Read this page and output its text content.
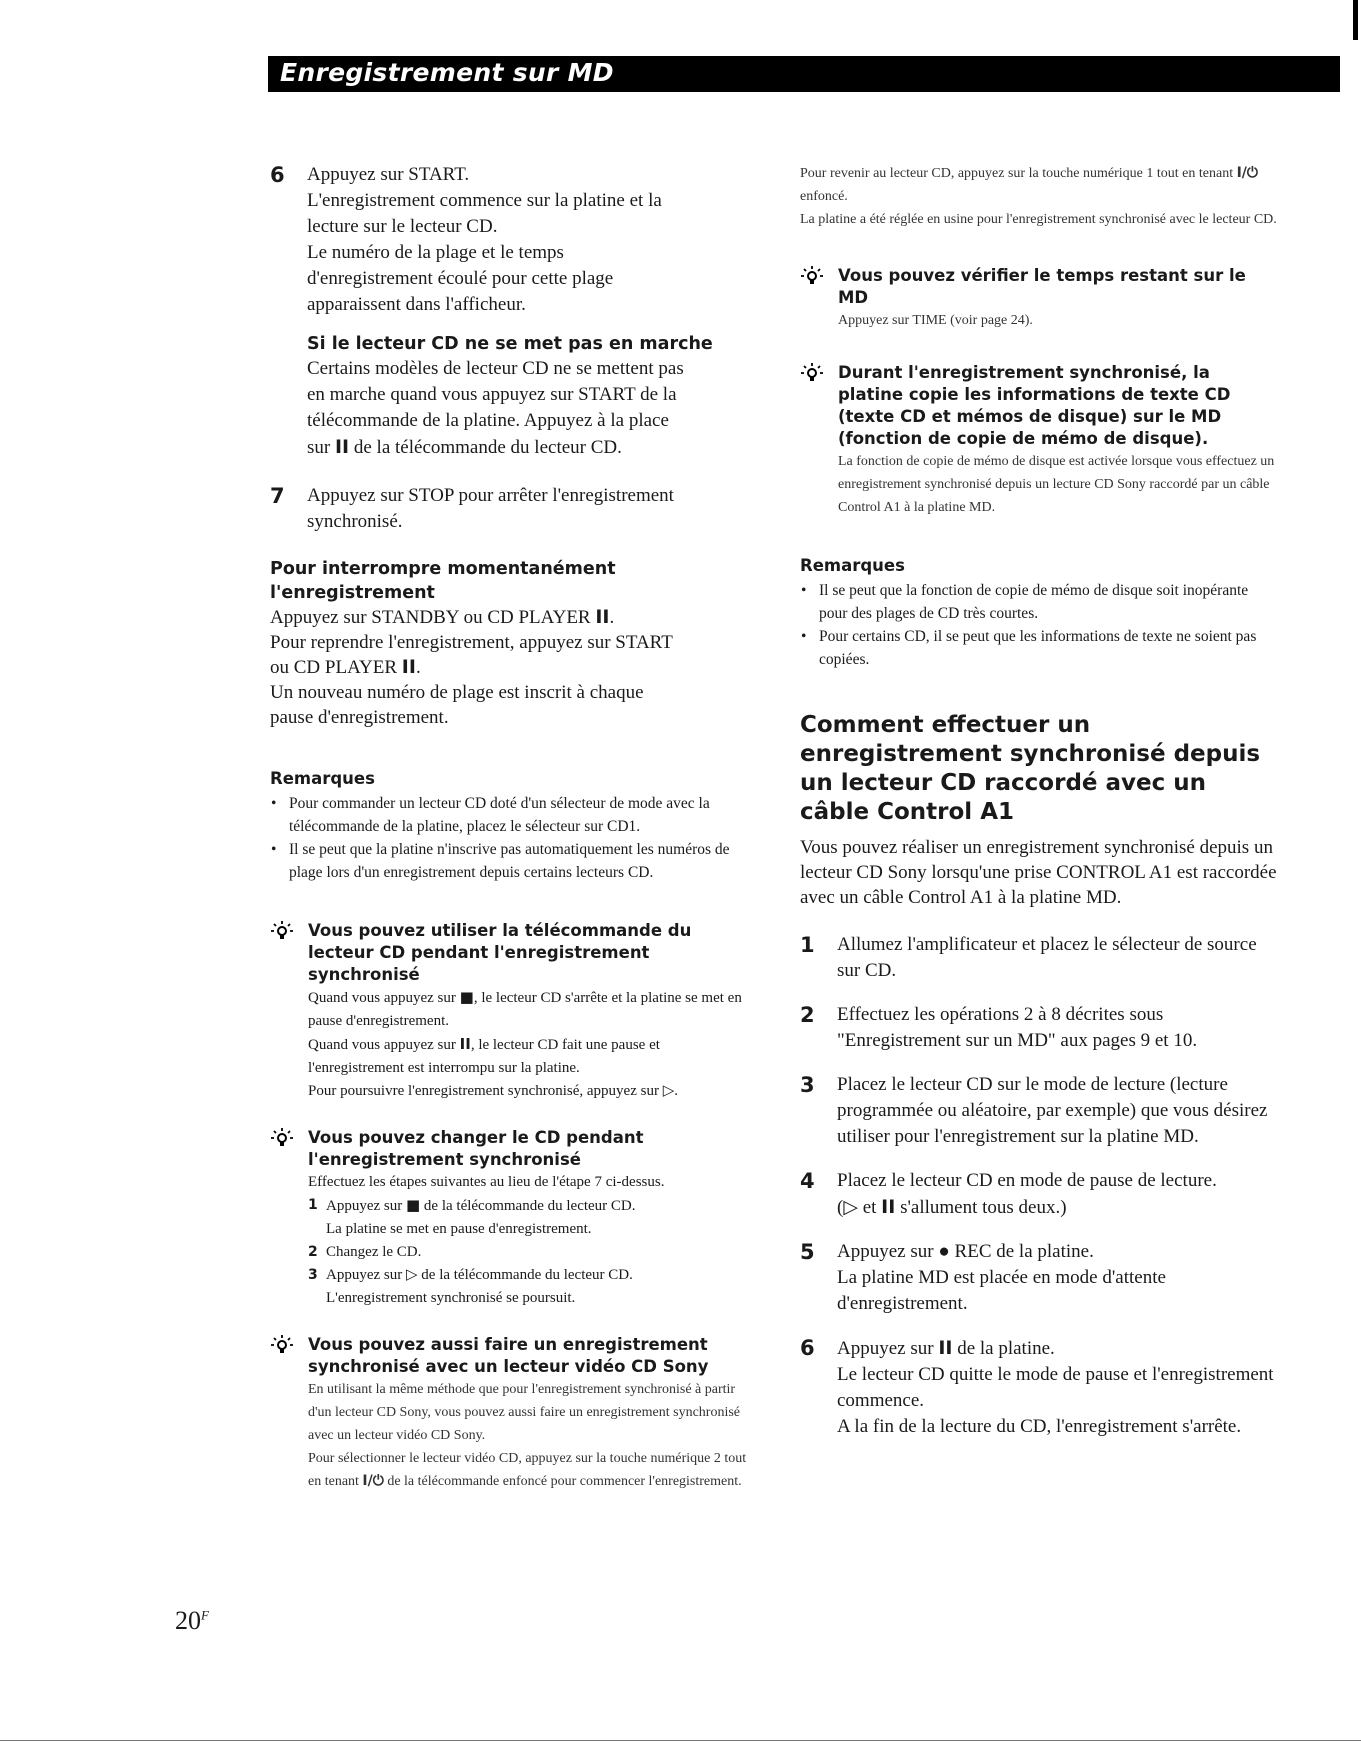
Enregistrement sur MD
6 Appuyez sur START.

L'enregistrement commence sur la platine et la

lecture sur le lecteur CD.

Le numéro de la plage et le temps

d'enregistrement écoulé pour cette plage

apparaissent dans l'afficheur.

Si le lecteur CD ne se met pas en marche

Certains modèles de lecteur CD ne se mettent pas

en marche quand vous appuyez sur START de la

télécommande de la platine. Appuyez à la place

sur II de la télécommande du lecteur CD.

7 Appuyez sur STOP pour arrêter l'enregistrement

synchronisé.

Pour interrompre momentanément l'enregistrement

Appuyez sur STANDBY ou CD PLAYER II.

Pour reprendre l'enregistrement, appuyez sur START

ou CD PLAYER II.

Un nouveau numéro de plage est inscrit à chaque

pause d'enregistrement.

Remarques

• Pour commander un lecteur CD doté d'un sélecteur de mode avec la télécommande de la platine, placez le sélecteur sur CD1.
• Il se peut que la platine n'inscrive pas automatiquement les numéros de plage lors d'un enregistrement depuis certains lecteurs CD.

Vous pouvez utiliser la télécommande du lecteur CD pendant l'enregistrement synchronisé

Quand vous appuyez sur ■, le lecteur CD s'arrête et la platine se met en pause d'enregistrement.

Quand vous appuyez sur II, le lecteur CD fait une pause et l'enregistrement est interrompu sur la platine.

Pour poursuivre l'enregistrement synchronisé, appuyez sur ▷.

Vous pouvez changer le CD pendant l'enregistrement synchronisé

Effectuez les étapes suivantes au lieu de l'étape 7 ci-dessus.

1 Appuyez sur ■ de la télécommande du lecteur CD.
La platine se met en pause d'enregistrement.
2 Changez le CD.
3 Appuyez sur ▷ de la télécommande du lecteur CD.
L'enregistrement synchronisé se poursuit.

Vous pouvez aussi faire un enregistrement synchronisé avec un lecteur vidéo CD Sony

En utilisant la même méthode que pour l'enregistrement synchronisé à partir d'un lecteur CD Sony, vous pouvez aussi faire un enregistrement synchronisé avec un lecteur vidéo CD Sony.

Pour sélectionner le lecteur vidéo CD, appuyez sur la touche numérique 2 tout en tenant I/⏻ de la télécommande enfoncé pour commencer l'enregistrement.

Pour revenir au lecteur CD, appuyez sur la touche numérique 1 tout en tenant I/⏻ enfoncé.

La platine a été réglée en usine pour l'enregistrement synchronisé avec le lecteur CD.

Vous pouvez vérifier le temps restant sur le MD

Appuyez sur TIME (voir page 24).

Durant l'enregistrement synchronisé, la platine copie les informations de texte CD (texte CD et mémos de disque) sur le MD (fonction de copie de mémo de disque).

La fonction de copie de mémo de disque est activée lorsque vous effectuez un enregistrement synchronisé depuis un lecture CD Sony raccordé par un câble Control A1 à la platine MD.

Remarques

• Il se peut que la fonction de copie de mémo de disque soit inopérante pour des plages de CD très courtes.
• Pour certains CD, il se peut que les informations de texte ne soient pas copiées.
Comment effectuer un enregistrement synchronisé depuis un lecteur CD raccordé avec un câble Control A1

Vous pouvez réaliser un enregistrement synchronisé depuis un lecteur CD Sony lorsqu'une prise CONTROL A1 est raccordée avec un câble Control A1 à la platine MD.

1 Allumez l'amplificateur et placez le sélecteur de source sur CD.

2 Effectuez les opérations 2 à 8 décrites sous "Enregistrement sur un MD" aux pages 9 et 10.

3 Placez le lecteur CD sur le mode de lecture (lecture programmée ou aléatoire, par exemple) que vous désirez utiliser pour l'enregistrement sur la platine MD.

4 Placez le lecteur CD en mode de pause de lecture.

(▷ et II s'allument tous deux.)

5 Appuyez sur ● REC de la platine.

La platine MD est placée en mode d'attente d'enregistrement.

6 Appuyez sur II de la platine.

Le lecteur CD quitte le mode de pause et l'enregistrement commence.

A la fin de la lecture du CD, l'enregistrement s'arrête.

$20^F$
